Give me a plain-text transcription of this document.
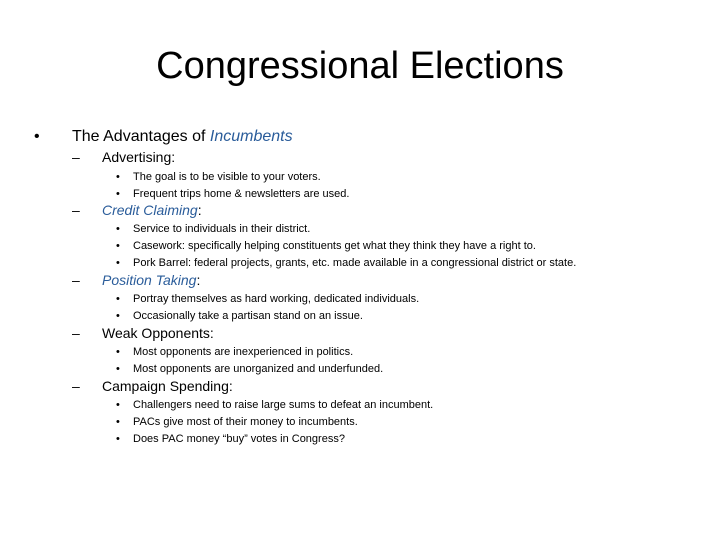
Congressional Elections
• The Advantages of Incumbents
– Advertising:
• The goal is to be visible to your voters.
• Frequent trips home & newsletters are used.
– Credit Claiming:
• Service to individuals in their district.
• Casework: specifically helping constituents get what they think they have a right to.
• Pork Barrel: federal projects, grants, etc. made available in a congressional district or state.
– Position Taking:
• Portray themselves as hard working, dedicated individuals.
• Occasionally take a partisan stand on an issue.
– Weak Opponents:
• Most opponents are inexperienced in politics.
• Most opponents are unorganized and underfunded.
– Campaign Spending:
• Challengers need to raise large sums to defeat an incumbent.
• PACs give most of their money to incumbents.
• Does PAC money “buy” votes in Congress?
